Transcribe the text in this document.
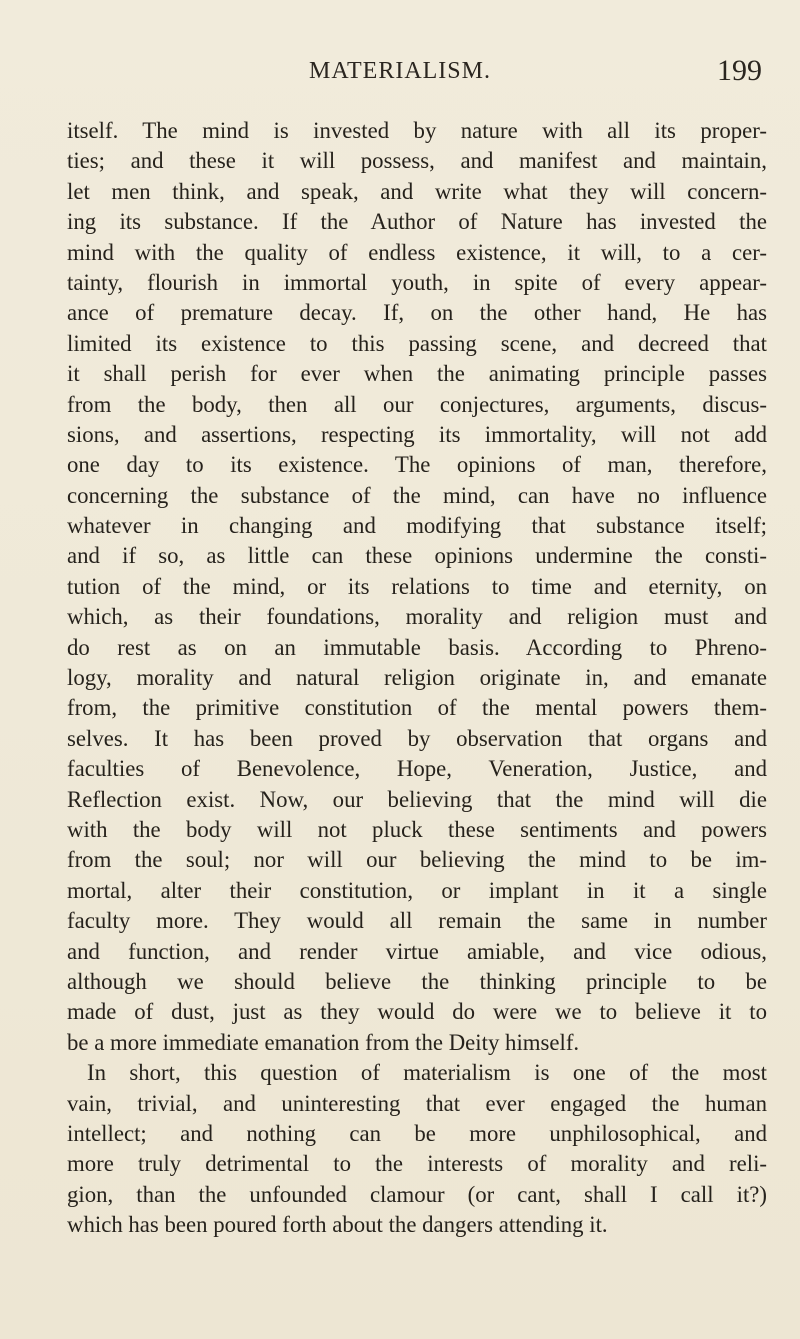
MATERIALISM.	199
itself. The mind is invested by nature with all its proper-
ties; and these it will possess, and manifest and maintain,
let men think, and speak, and write what they will concern-
ing its substance. If the Author of Nature has invested the
mind with the quality of endless existence, it will, to a cer-
tainty, flourish in immortal youth, in spite of every appear-
ance of premature decay. If, on the other hand, He has
limited its existence to this passing scene, and decreed that
it shall perish for ever when the animating principle passes
from the body, then all our conjectures, arguments, discus-
sions, and assertions, respecting its immortality, will not add
one day to its existence. The opinions of man, therefore,
concerning the substance of the mind, can have no influence
whatever in changing and modifying that substance itself;
and if so, as little can these opinions undermine the consti-
tution of the mind, or its relations to time and eternity, on
which, as their foundations, morality and religion must and
do rest as on an immutable basis. According to Phreno-
logy, morality and natural religion originate in, and emanate
from, the primitive constitution of the mental powers them-
selves. It has been proved by observation that organs and
faculties of Benevolence, Hope, Veneration, Justice, and
Reflection exist. Now, our believing that the mind will die
with the body will not pluck these sentiments and powers
from the soul; nor will our believing the mind to be im-
mortal, alter their constitution, or implant in it a single
faculty more. They would all remain the same in number
and function, and render virtue amiable, and vice odious,
although we should believe the thinking principle to be
made of dust, just as they would do were we to believe it to
be a more immediate emanation from the Deity himself.
In short, this question of materialism is one of the most
vain, trivial, and uninteresting that ever engaged the human
intellect; and nothing can be more unphilosophical, and
more truly detrimental to the interests of morality and reli-
gion, than the unfounded clamour (or cant, shall I call it?)
which has been poured forth about the dangers attending it.
